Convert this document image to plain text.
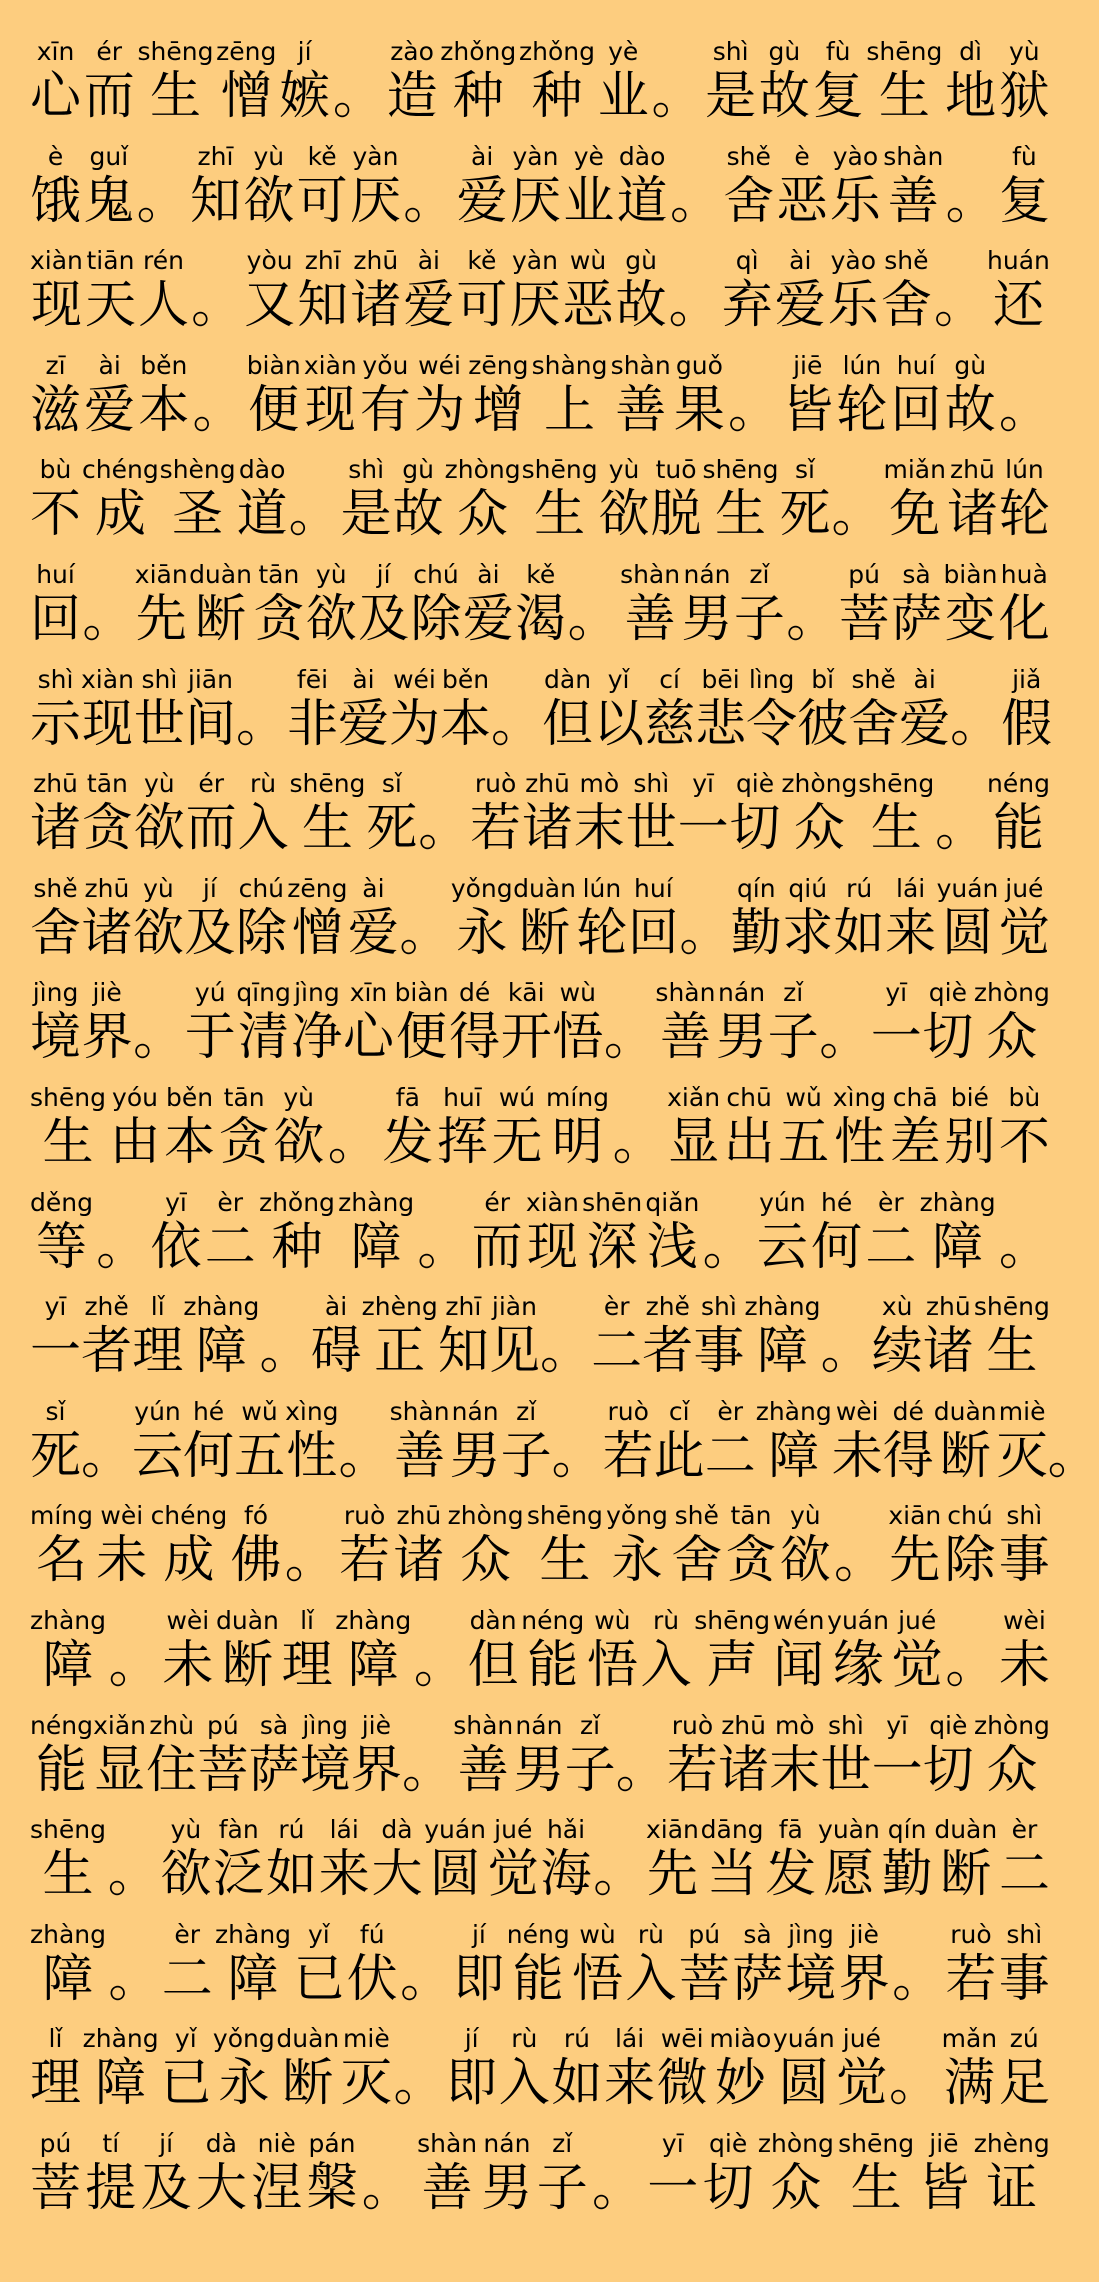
xīn
心
ér
而
shēng
生
zēng
憎
jí
嫉 。
zào
造
zhǒng
种
zhǒng
种
yè
业 。
shì
是
gù
故
fù
复
shēng
生
dì
地
yù
狱
è
饿
guǐ
鬼 。
zhī
知
yù
欲
kě
可
yàn
厌 。
ài
爱
yàn
厌
yè
业
dào
道 。
shě
舍
è
恶
yào
乐
shàn
善 。
fù
复
xiàn
现
tiān
天
rén
人 。
yòu
又
zhī
知
zhū
诸
ài
爱
kě
可
yàn
厌
wù
恶
gù
故 。
qì
弃
ài
爱
yào
乐
shě
舍 。
huán
还
zī
滋
ài
爱
běn
本 。
biàn
便
xiàn
现
yǒu
有
wéi
为
zēng
增
shàng
上
shàn
善
guǒ
果 。
jiē
皆
lún
轮
huí
回
gù
故 。
bù
不
chéng
成
shèng
圣
dào
道 。
shì
是
gù
故
zhòng
众
shēng
生
yù
欲
tuō
脱
shēng
生
sǐ
死 。
miǎn
免
zhū
诸
lún
轮
huí
回 。
xiān
先
duàn
断
tān
贪
yù
欲
jí
及
chú
除
ài
爱
kě
渴 。
shàn
善
nán
男
zǐ
子 。
pú
菩
sà
萨
biàn
变
huà
化
shì
示
xiàn
现
shì
世
jiān
间 。
fēi
非
ài
爱
wéi
为
běn
本 。
dàn
但
yǐ
以
cí
慈
bēi
悲
lìng
令
bǐ
彼
shě
舍
ài
爱 。
jiǎ
假
zhū
诸
tān
贪
yù
欲
ér
而
rù
入
shēng
生
sǐ
死 。
ruò
若
zhū
诸
mò
末
shì
世
yī
一
qiè
切
zhòng
众
shēng
生 。
néng
能
shě
舍
zhū
诸
yù
欲
jí
及
chú
除
zēng
憎
ài
爱 。
yǒng
永
duàn
断
lún
轮
huí
回 。
qín
勤
qiú
求
rú
如
lái
来
yuán
圆
jué
觉
jìng
境
jiè
界 。
yú
于
qīng
清
jìng
净
xīn
心
biàn
便
dé
得
kāi
开
wù
悟 。
shàn
善
nán
男
zǐ
子 。
yī
一
qiè
切
zhòng
众
shēng
生
yóu
由
běn
本
tān
贪
yù
欲 。
fā
发
huī
挥
wú
无
míng
明 。
xiǎn
显
chū
出
wǔ
五
xìng
性
chā
差
bié
别
bù
不
děng
等 。
yī
依
èr
二
zhǒng
种
zhàng
障 。
ér
而
xiàn
现
shēn
深
qiǎn
浅 。
yún
云
hé
何
èr
二
zhàng
障 。
yī
一
zhě
者
lǐ
理
zhàng
障 。
ài
碍
zhèng
正
zhī
知
jiàn
见 。
èr
二
zhě
者
shì
事
zhàng
障 。
xù
续
zhū
诸
shēng
生
sǐ
死 。
yún
云
hé
何
wǔ
五
xìng
性 。
shàn
善
nán
男
zǐ
子 。
ruò
若
cǐ
此
èr
二
zhàng
障
wèi
未
dé
得
duàn
断
miè
灭 。
míng
名
wèi
未
chéng
成
fó
佛 。
ruò
若
zhū
诸
zhòng
众
shēng
生
yǒng
永
shě
舍
tān
贪
yù
欲 。
xiān
先
chú
除
shì
事
zhàng
障 。
wèi
未
duàn
断
lǐ
理
zhàng
障 。
dàn
但
néng
能
wù
悟
rù
入
shēng
声
wén
闻
yuán
缘
jué
觉 。
wèi
未
néng
能
xiǎn
显
zhù
住
pú
菩
sà
萨
jìng
境
jiè
界 。
shàn
善
nán
男
zǐ
子 。
ruò
若
zhū
诸
mò
末
shì
世
yī
一
qiè
切
zhòng
众
shēng
生 。
yù
欲
fàn
泛
rú
如
lái
来
dà
大
yuán
圆
jué
觉
hǎi
海 。
xiān
先
dāng
当
fā
发
yuàn
愿
qín
勤
duàn
断
èr
二
zhàng
障 。
èr
二
zhàng
障
yǐ
已
fú
伏 。
jí
即
néng
能
wù
悟
rù
入
pú
菩
sà
萨
jìng
境
jiè
界 。
ruò
若
shì
事
lǐ
理
zhàng
障
yǐ
已
yǒng
永
duàn
断
miè
灭 。
jí
即
rù
入
rú
如
lái
来
wēi
微
miào
妙
yuán
圆
jué
觉 。
mǎn
满
zú
足
pú
菩
tí
提
jí
及
dà
大
niè
涅
pán
槃 。
shàn
善
nán
男
zǐ
子 。
yī
一
qiè
切
zhòng
众
shēng
生
jiē
皆
zhèng
证
